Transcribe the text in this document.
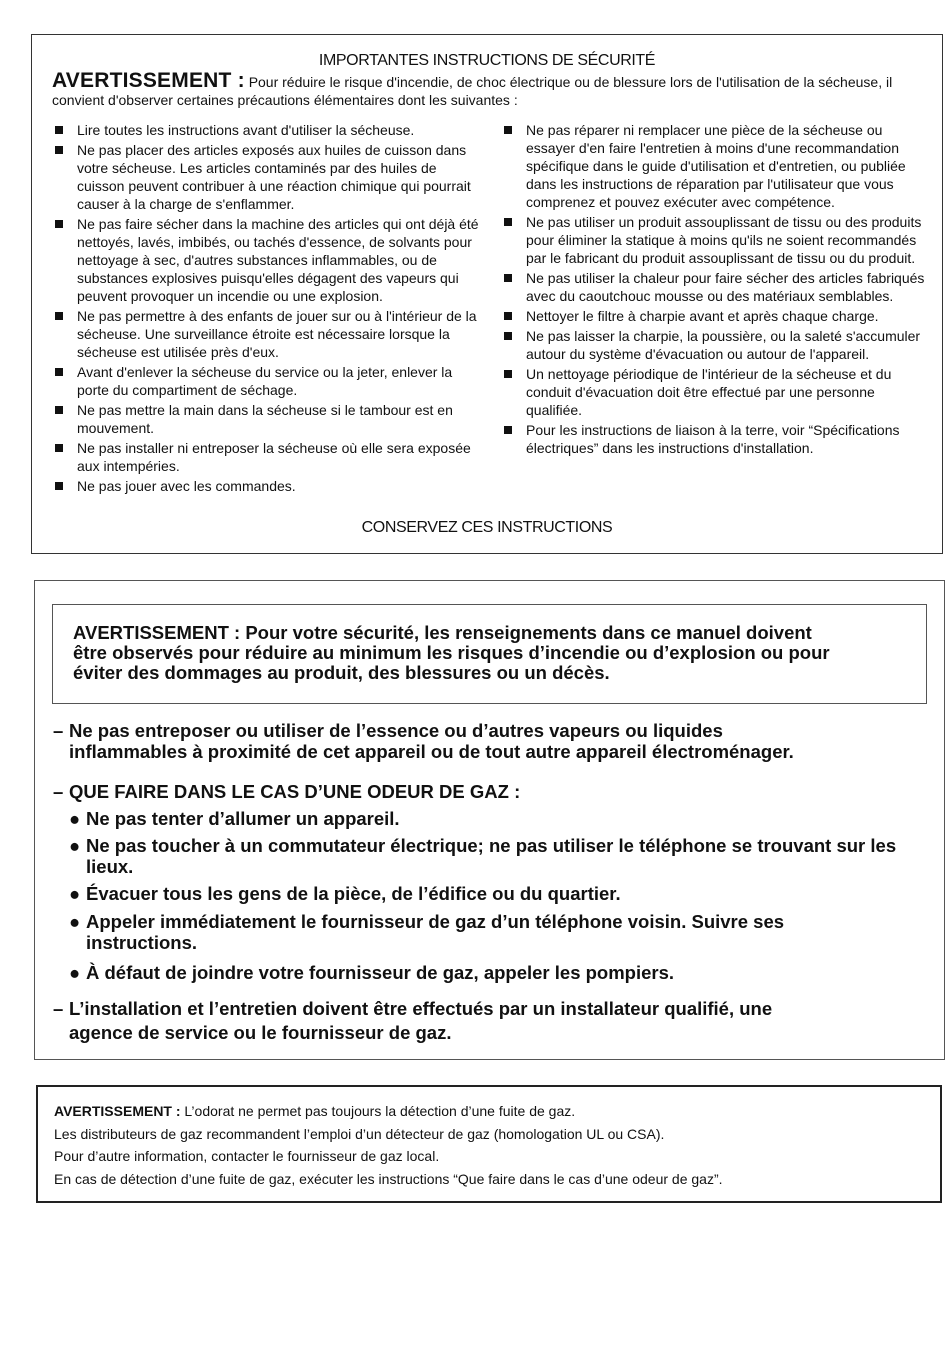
IMPORTANTES INSTRUCTIONS DE SÉCURITÉ
AVERTISSEMENT : Pour réduire le risque d'incendie, de choc électrique ou de blessure lors de l'utilisation de la sécheuse, il convient d'observer certaines précautions élémentaires dont les suivantes :
Lire toutes les instructions avant d'utiliser la sécheuse.
Ne pas placer des articles exposés aux huiles de cuisson dans votre sécheuse. Les articles contaminés par des huiles de cuisson peuvent contribuer à une réaction chimique qui pourrait causer à la charge de s'enflammer.
Ne pas faire sécher dans la machine des articles qui ont déjà été nettoyés, lavés, imbibés, ou tachés d'essence, de solvants pour nettoyage à sec, d'autres substances inflammables, ou de substances explosives puisqu'elles dégagent des vapeurs qui peuvent provoquer un incendie ou une explosion.
Ne pas permettre à des enfants de jouer sur ou à l'intérieur de la sécheuse. Une surveillance étroite est nécessaire lorsque la sécheuse est utilisée près d'eux.
Avant d'enlever la sécheuse du service ou la jeter, enlever la porte du compartiment de séchage.
Ne pas mettre la main dans la sécheuse si le tambour est en mouvement.
Ne pas installer ni entreposer la sécheuse où elle sera exposée aux intempéries.
Ne pas jouer avec les commandes.
Ne pas réparer ni remplacer une pièce de la sécheuse ou essayer d'en faire l'entretien à moins d'une recommandation spécifique dans le guide d'utilisation et d'entretien, ou publiée dans les instructions de réparation par l'utilisateur que vous comprenez et pouvez exécuter avec compétence.
Ne pas utiliser un produit assouplissant de tissu ou des produits pour éliminer la statique à moins qu'ils ne soient recommandés par le fabricant du produit assouplissant de tissu ou du produit.
Ne pas utiliser la chaleur pour faire sécher des articles fabriqués avec du caoutchouc mousse ou des matériaux semblables.
Nettoyer le filtre à charpie avant et après chaque charge.
Ne pas laisser la charpie, la poussière, ou la saleté s'accumuler autour du système d'évacuation ou autour de l'appareil.
Un nettoyage périodique de l'intérieur de la sécheuse et du conduit d'évacuation doit être effectué par une personne qualifiée.
Pour les instructions de liaison à la terre, voir “Spécifications électriques” dans les instructions d'installation.
CONSERVEZ CES INSTRUCTIONS
AVERTISSEMENT : Pour votre sécurité, les renseignements dans ce manuel doivent
être observés pour réduire au minimum les risques d’incendie ou d’explosion ou pour
éviter des dommages au produit, des blessures ou un décès.
– Ne pas entreposer ou utiliser de l’essence ou d’autres vapeurs ou liquides
inflammables à proximité de cet appareil ou de tout autre appareil électroménager.
– QUE FAIRE DANS LE CAS D’UNE ODEUR DE GAZ :
● Ne pas tenter d’allumer un appareil.
● Ne pas toucher à un commutateur électrique; ne pas utiliser le téléphone se trouvant sur les lieux.
● Évacuer tous les gens de la pièce, de l’édifice ou du quartier.
● Appeler immédiatement le fournisseur de gaz d’un téléphone voisin. Suivre ses instructions.
● À défaut de joindre votre fournisseur de gaz, appeler les pompiers.
– L’installation et l’entretien doivent être effectués par un installateur qualifié, une
agence de service ou le fournisseur de gaz.
AVERTISSEMENT : L’odorat ne permet pas toujours la détection d’une fuite de gaz.
Les distributeurs de gaz recommandent l’emploi d’un détecteur de gaz (homologation UL ou CSA).
Pour d’autre information, contacter le fournisseur de gaz local.
En cas de détection d’une fuite de gaz, exécuter les instructions “Que faire dans le cas d’une odeur de gaz”.
